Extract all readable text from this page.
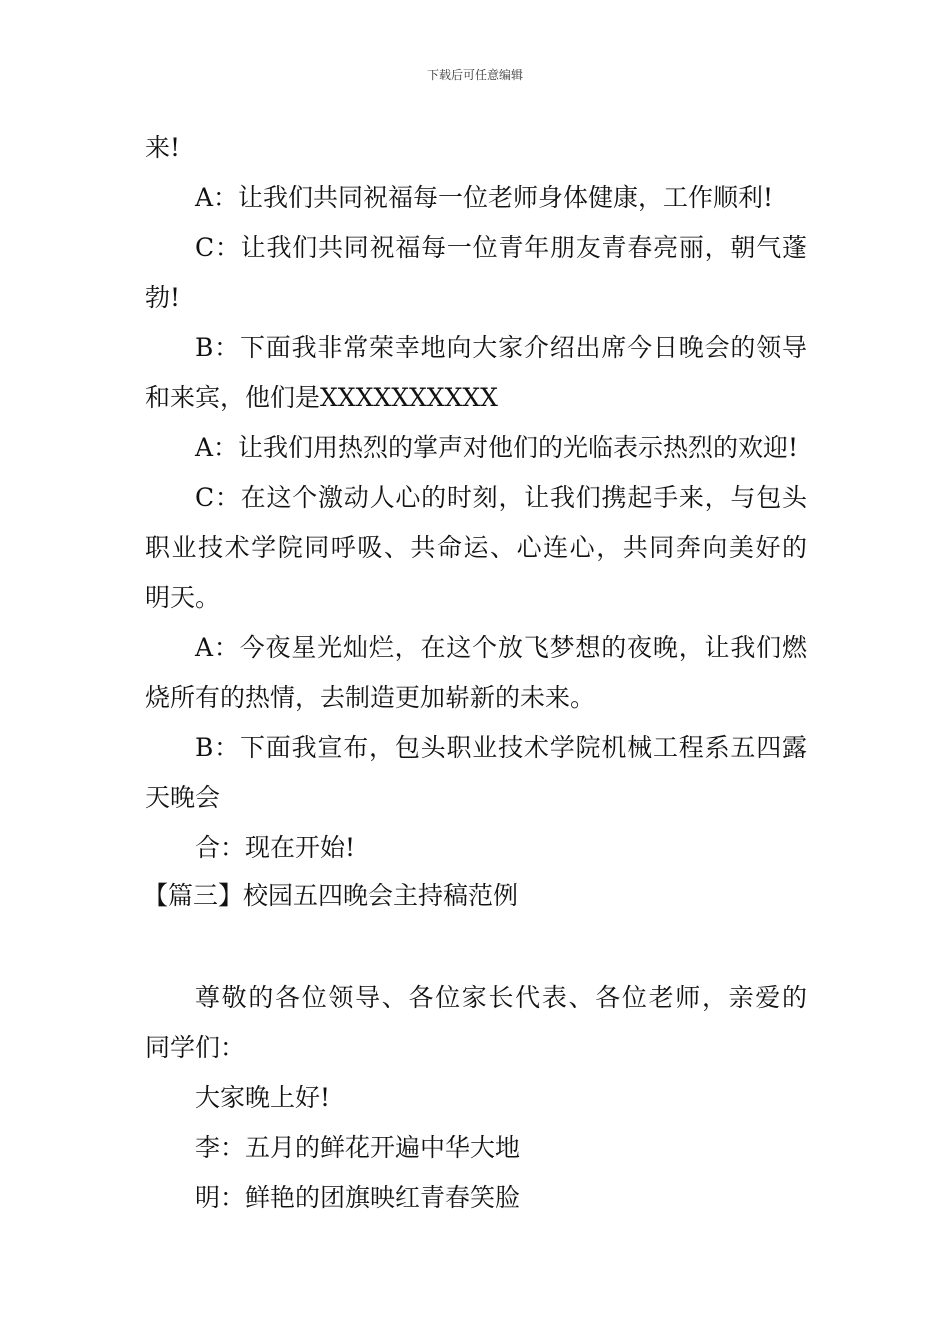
下载后可任意编辑
来!
A：让我们共同祝福每一位老师身体健康，工作顺利!
C：让我们共同祝福每一位青年朋友青春亮丽，朝气蓬
勃!
B：下面我非常荣幸地向大家介绍出席今日晚会的领导
和来宾，他们是XXXXXXXXXX
A：让我们用热烈的掌声对他们的光临表示热烈的欢迎!
C：在这个激动人心的时刻，让我们携起手来，与包头
职业技术学院同呼吸、共命运、心连心，共同奔向美好的
明天。
A：今夜星光灿烂，在这个放飞梦想的夜晚，让我们燃
烧所有的热情，去制造更加崭新的未来。
B：下面我宣布，包头职业技术学院机械工程系五四露
天晚会
合：现在开始!
【篇三】校园五四晚会主持稿范例
尊敬的各位领导、各位家长代表、各位老师，亲爱的
同学们：
大家晚上好!
李：五月的鲜花开遍中华大地
明：鲜艳的团旗映红青春笑脸
